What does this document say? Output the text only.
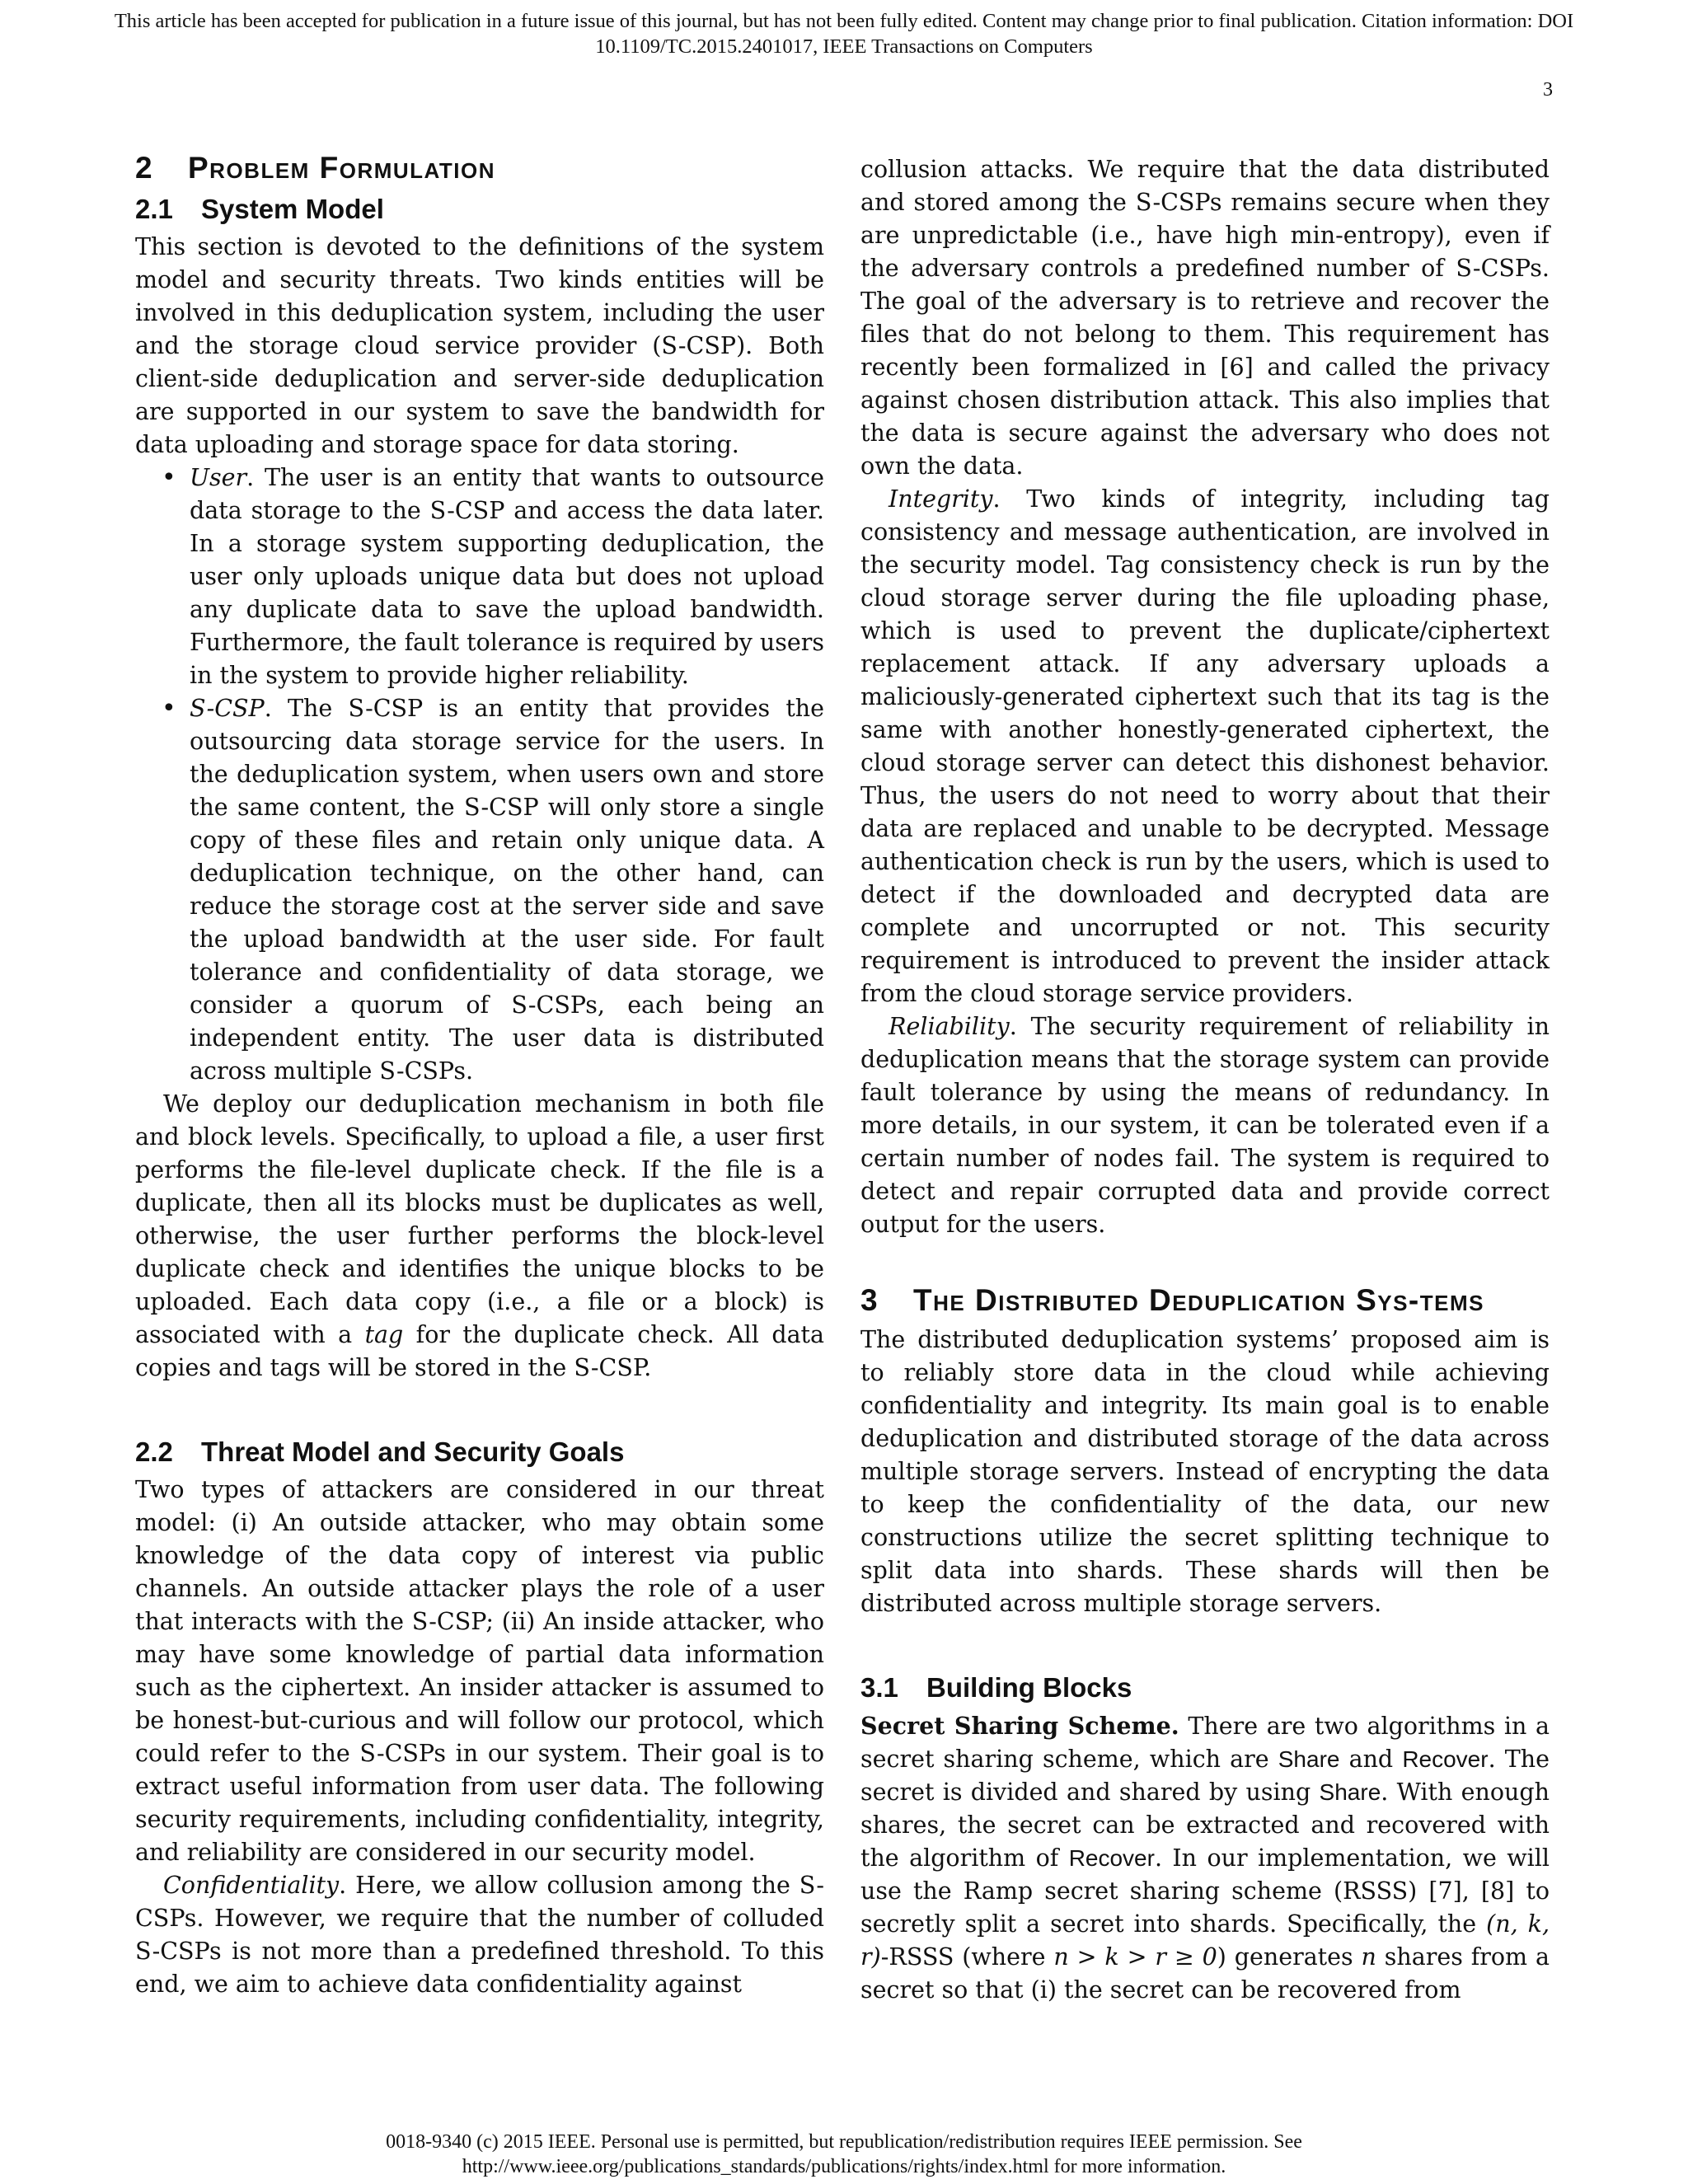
This article has been accepted for publication in a future issue of this journal, but has not been fully edited. Content may change prior to final publication. Citation information: DOI
10.1109/TC.2015.2401017, IEEE Transactions on Computers
3
2 Problem Formulation
2.1 System Model

This section is devoted to the definitions of the system model and security threats. Two kinds entities will be involved in this deduplication system, including the user and the storage cloud service provider (S-CSP). Both client-side deduplication and server-side deduplication are supported in our system to save the bandwidth for data uploading and storage space for data storing.

• User. The user is an entity that wants to outsource data storage to the S-CSP and access the data later. In a storage system supporting deduplication, the user only uploads unique data but does not upload any duplicate data to save the upload bandwidth. Furthermore, the fault tolerance is required by users in the system to provide higher reliability.
• S-CSP. The S-CSP is an entity that provides the outsourcing data storage service for the users. In the deduplication system, when users own and store the same content, the S-CSP will only store a single copy of these files and retain only unique data. A deduplication technique, on the other hand, can reduce the storage cost at the server side and save the upload bandwidth at the user side. For fault tolerance and confidentiality of data storage, we consider a quorum of S-CSPs, each being an independent entity. The user data is distributed across multiple S-CSPs.

We deploy our deduplication mechanism in both file and block levels. Specifically, to upload a file, a user first performs the file-level duplicate check. If the file is a duplicate, then all its blocks must be duplicates as well, otherwise, the user further performs the block-level duplicate check and identifies the unique blocks to be uploaded. Each data copy (i.e., a file or a block) is associated with a tag for the duplicate check. All data copies and tags will be stored in the S-CSP.

2.2 Threat Model and Security Goals

Two types of attackers are considered in our threat model: (i) An outside attacker, who may obtain some knowledge of the data copy of interest via public channels. An outside attacker plays the role of a user that interacts with the S-CSP; (ii) An inside attacker, who may have some knowledge of partial data information such as the ciphertext. An insider attacker is assumed to be honest-but-curious and will follow our protocol, which could refer to the S-CSPs in our system. Their goal is to extract useful information from user data. The following security requirements, including confidentiality, integrity, and reliability are considered in our security model.

Confidentiality. Here, we allow collusion among the S-CSPs. However, we require that the number of colluded S-CSPs is not more than a predefined threshold. To this end, we aim to achieve data confidentiality against

collusion attacks. We require that the data distributed and stored among the S-CSPs remains secure when they are unpredictable (i.e., have high min-entropy), even if the adversary controls a predefined number of S-CSPs. The goal of the adversary is to retrieve and recover the files that do not belong to them. This requirement has recently been formalized in [6] and called the privacy against chosen distribution attack. This also implies that the data is secure against the adversary who does not own the data.

Integrity. Two kinds of integrity, including tag consistency and message authentication, are involved in the security model. Tag consistency check is run by the cloud storage server during the file uploading phase, which is used to prevent the duplicate/ciphertext replacement attack. If any adversary uploads a maliciously-generated ciphertext such that its tag is the same with another honestly-generated ciphertext, the cloud storage server can detect this dishonest behavior. Thus, the users do not need to worry about that their data are replaced and unable to be decrypted. Message authentication check is run by the users, which is used to detect if the downloaded and decrypted data are complete and uncorrupted or not. This security requirement is introduced to prevent the insider attack from the cloud storage service providers.

Reliability. The security requirement of reliability in deduplication means that the storage system can provide fault tolerance by using the means of redundancy. In more details, in our system, it can be tolerated even if a certain number of nodes fail. The system is required to detect and repair corrupted data and provide correct output for the users.

3 The Distributed Deduplication Sys-tems

The distributed deduplication systems’ proposed aim is to reliably store data in the cloud while achieving confidentiality and integrity. Its main goal is to enable deduplication and distributed storage of the data across multiple storage servers. Instead of encrypting the data to keep the confidentiality of the data, our new constructions utilize the secret splitting technique to split data into shards. These shards will then be distributed across multiple storage servers.

3.1 Building Blocks

Secret Sharing Scheme. There are two algorithms in a secret sharing scheme, which are Share and Recover. The secret is divided and shared by using Share. With enough shares, the secret can be extracted and recovered with the algorithm of Recover. In our implementation, we will use the Ramp secret sharing scheme (RSSS) [7], [8] to secretly split a secret into shards. Specifically, the (n, k, r)-RSSS (where n > k > r ≥ 0) generates n shares from a secret so that (i) the secret can be recovered from

0018-9340 (c) 2015 IEEE. Personal use is permitted, but republication/redistribution requires IEEE permission. See
http://www.ieee.org/publications_standards/publications/rights/index.html for more information.
